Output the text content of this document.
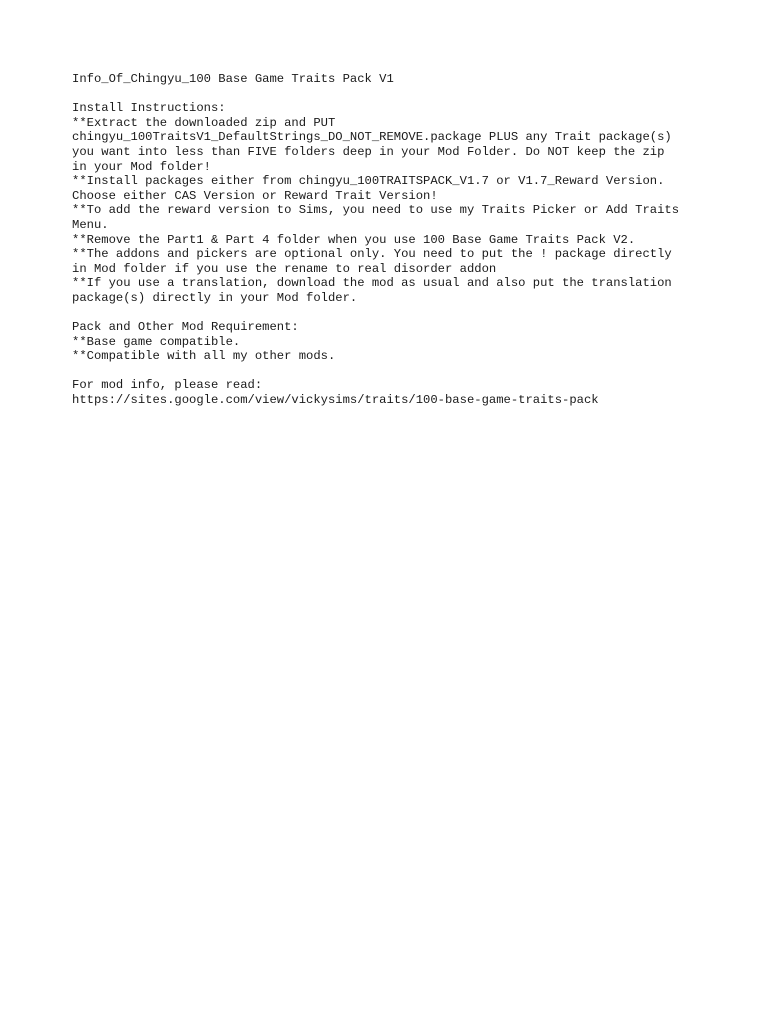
Info_Of_Chingyu_100 Base Game Traits Pack V1
Install Instructions:
**Extract the downloaded zip and PUT
chingyu_100TraitsV1_DefaultStrings_DO_NOT_REMOVE.package PLUS any Trait package(s)
you want into less than FIVE folders deep in your Mod Folder. Do NOT keep the zip
in your Mod folder!
**Install packages either from chingyu_100TRAITSPACK_V1.7 or V1.7_Reward Version.
Choose either CAS Version or Reward Trait Version!
**To add the reward version to Sims, you need to use my Traits Picker or Add Traits
Menu.
**Remove the Part1 & Part 4 folder when you use 100 Base Game Traits Pack V2.
**The addons and pickers are optional only. You need to put the ! package directly
in Mod folder if you use the rename to real disorder addon
**If you use a translation, download the mod as usual and also put the translation
package(s) directly in your Mod folder.
Pack and Other Mod Requirement:
**Base game compatible.
**Compatible with all my other mods.
For mod info, please read:
https://sites.google.com/view/vickysims/traits/100-base-game-traits-pack
